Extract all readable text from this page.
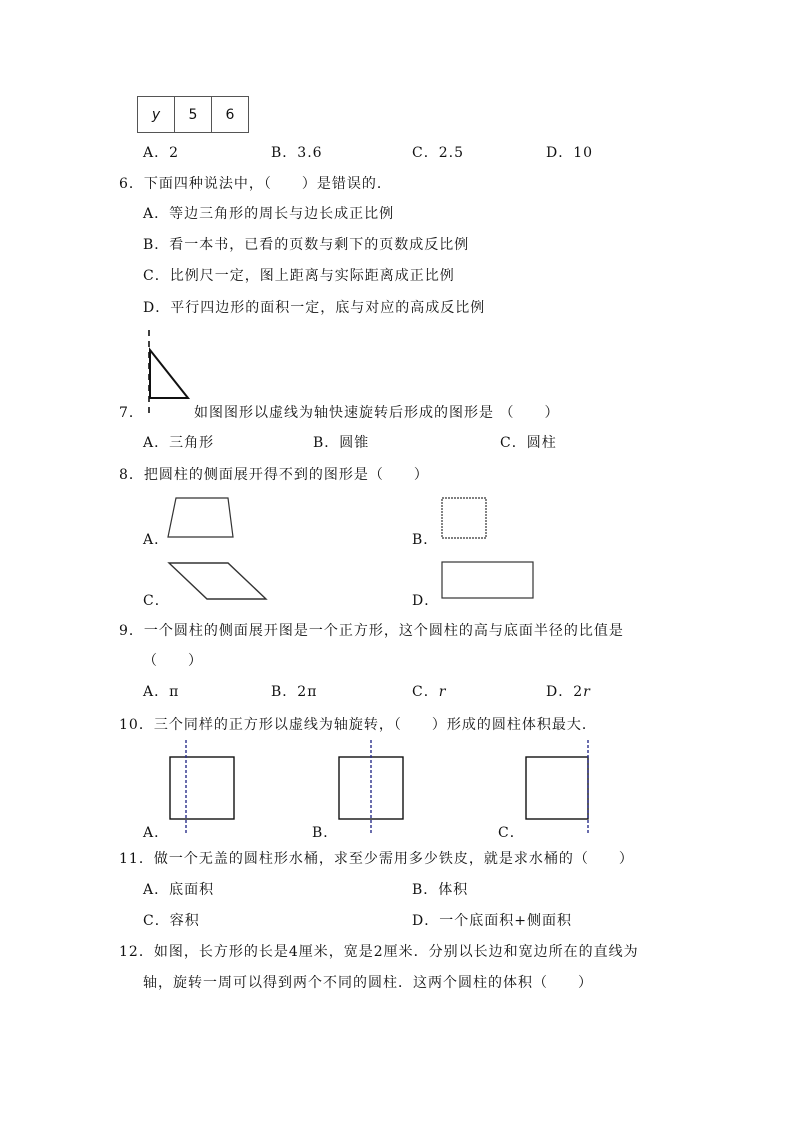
y	5	6
A．2	B．3.6	C．2.5	D．10
6．下面四种说法中，（　　）是错误的．
A．等边三角形的周长与边长成正比例
B．看一本书，已看的页数与剩下的页数成反比例
C．比例尺一定，图上距离与实际距离成正比例
D．平行四边形的面积一定，底与对应的高成反比例
7．	如图图形以虚线为轴快速旋转后形成的图形是 （　　）
A．三角形	B．圆锥	C．圆柱
8．把圆柱的侧面展开得不到的图形是（　　）
A．	B．
C．	D．
9．一个圆柱的侧面展开图是一个正方形，这个圆柱的高与底面半径的比值是
（　　）
A．π	B．2π	C．r	D．2r
10．三个同样的正方形以虚线为轴旋转，（　　）形成的圆柱体积最大．
A．	B．	C．
11．做一个无盖的圆柱形水桶，求至少需用多少铁皮，就是求水桶的（　　）
A．底面积	B．体积
C．容积	D．一个底面积+侧面积
12．如图，长方形的长是4厘米，宽是2厘米．分别以长边和宽边所在的直线为
轴，旋转一周可以得到两个不同的圆柱．这两个圆柱的体积（　　）
